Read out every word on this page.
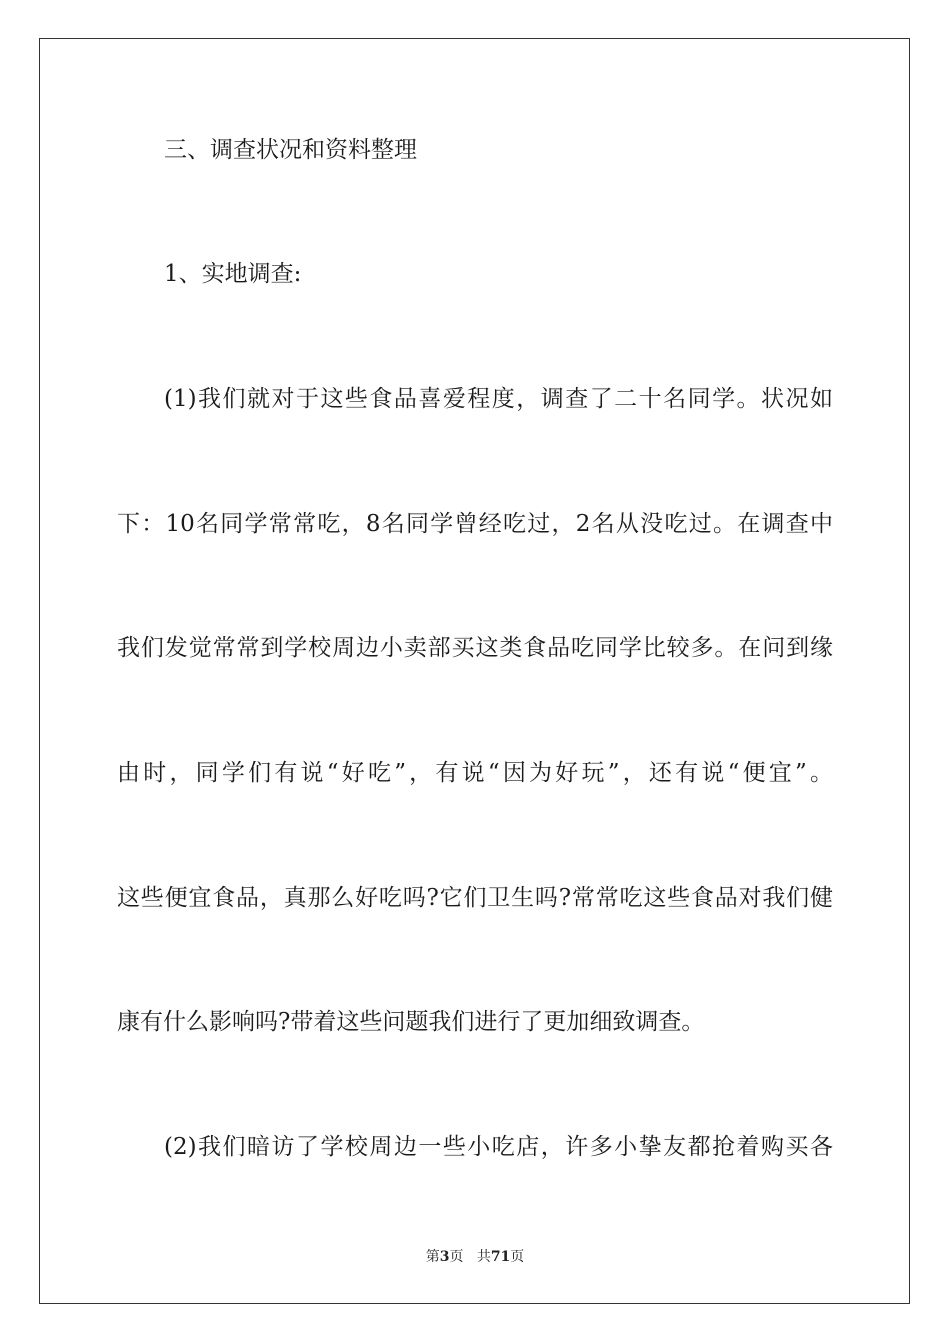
三、调查状况和资料整理
1、实地调查:
(1)我们就对于这些食品喜爱程度，调查了二十名同学。状况如
下：10名同学常常吃，8名同学曾经吃过，2名从没吃过。在调查中
我们发觉常常到学校周边小卖部买这类食品吃同学比较多。在问到缘
由时，同学们有说“好吃”，有说“因为好玩”，还有说“便宜”。
这些便宜食品，真那么好吃吗?它们卫生吗?常常吃这些食品对我们健
康有什么影响吗?带着这些问题我们进行了更加细致调查。
(2)我们暗访了学校周边一些小吃店，许多小挚友都抢着购买各
第3页 共71页
